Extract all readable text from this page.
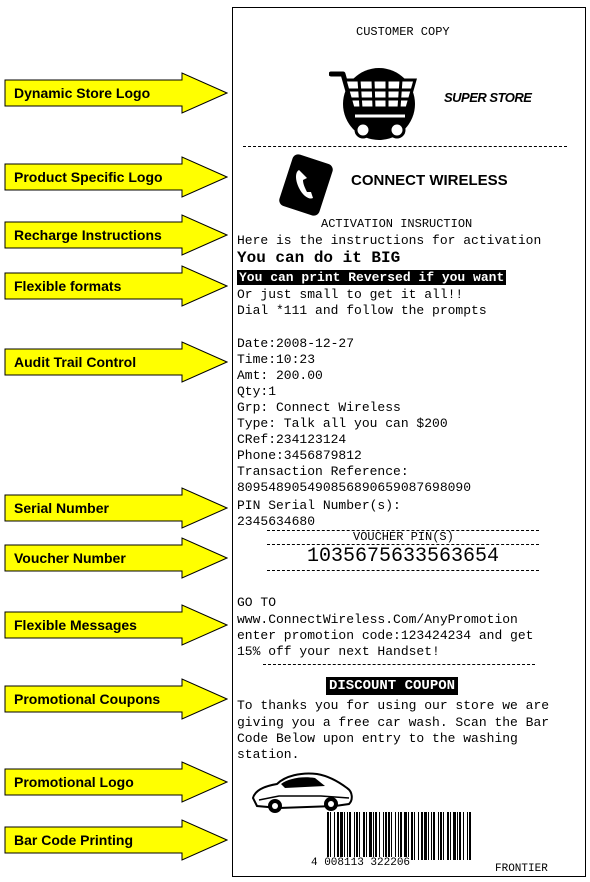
Dynamic Store Logo
Product Specific Logo
Recharge Instructions
Flexible formats
Audit Trail Control
Serial Number
Voucher Number
Flexible Messages
Promotional Coupons
Promotional Logo
Bar Code Printing
CUSTOMER COPY
SUPER STORE
CONNECT WIRELESS
ACTIVATION INSRUCTION
Here is the instructions for activation
You can do it BIG
You can print Reversed if you want
Or just small to get it all!!
Dial *111 and follow the prompts
Date:2008-12-27
Time:10:23
Amt: 200.00
Qty:1
Grp: Connect Wireless
Type: Talk all you can $200
CRef:234123124
Phone:3456879812
Transaction Reference:
809548905490856890659087698090
PIN Serial Number(s):
2345634680
VOUCHER PIN(S)
1035675633563654
GO TO
www.ConnectWireless.Com/AnyPromotion
enter promotion code:123424234 and get
15% off your next Handset!
DISCOUNT COUPON
To thanks you for using our store we are
giving you a free car wash. Scan the Bar
Code Below upon entry to the washing
station.
4 008113 322206	FRONTIER
